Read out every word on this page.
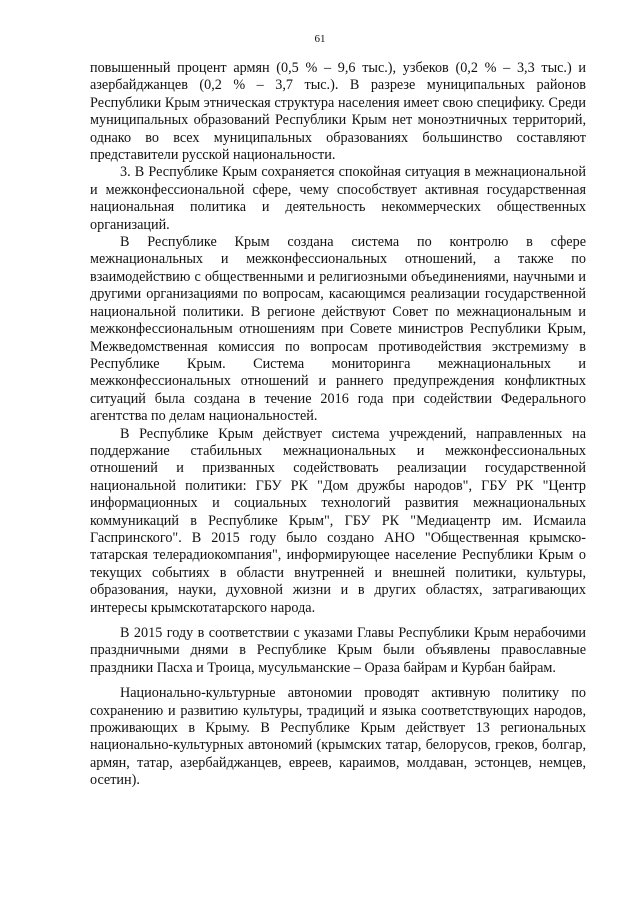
61

повышенный процент армян (0,5 % – 9,6 тыс.), узбеков (0,2 % – 3,3 тыс.) и азербайджанцев (0,2 % – 3,7 тыс.). В разрезе муниципальных районов Республики Крым этническая структура населения имеет свою специфику. Среди муниципальных образований Республики Крым нет моноэтничных территорий, однако во всех муниципальных образованиях большинство составляют представители русской национальности.

3. В Республике Крым сохраняется спокойная ситуация в межнациональной и межконфессиональной сфере, чему способствует активная государственная национальная политика и деятельность некоммерческих общественных организаций.

В Республике Крым создана система по контролю в сфере межнациональных и межконфессиональных отношений, а также по взаимодействию с общественными и религиозными объединениями, научными и другими организациями по вопросам, касающимся реализации государственной национальной политики. В регионе действуют Совет по межнациональным и межконфессиональным отношениям при Совете министров Республики Крым, Межведомственная комиссия по вопросам противодействия экстремизму в Республике Крым. Система мониторинга межнациональных и межконфессиональных отношений и раннего предупреждения конфликтных ситуаций была создана в течение 2016 года при содействии Федерального агентства по делам национальностей.

В Республике Крым действует система учреждений, направленных на поддержание стабильных межнациональных и межконфессиональных отношений и призванных содействовать реализации государственной национальной политики: ГБУ РК "Дом дружбы народов", ГБУ РК "Центр информационных и социальных технологий развития межнациональных коммуникаций в Республике Крым", ГБУ РК "Медиацентр им. Исмаила Гаспринского". В 2015 году было создано АНО "Общественная крымско-татарская телерадиокомпания", информирующее население Республики Крым о текущих событиях в области внутренней и внешней политики, культуры, образования, науки, духовной жизни и в других областях, затрагивающих интересы крымскотатарского народа.

В 2015 году в соответствии с указами Главы Республики Крым нерабочими праздничными днями в Республике Крым были объявлены православные праздники Пасха и Троица, мусульманские – Ораза байрам и Курбан байрам.

Национально-культурные автономии проводят активную политику по сохранению и развитию культуры, традиций и языка соответствующих народов, проживающих в Крыму. В Республике Крым действует 13 региональных национально-культурных автономий (крымских татар, белорусов, греков, болгар, армян, татар, азербайджанцев, евреев, караимов, молдаван, эстонцев, немцев, осетин).
